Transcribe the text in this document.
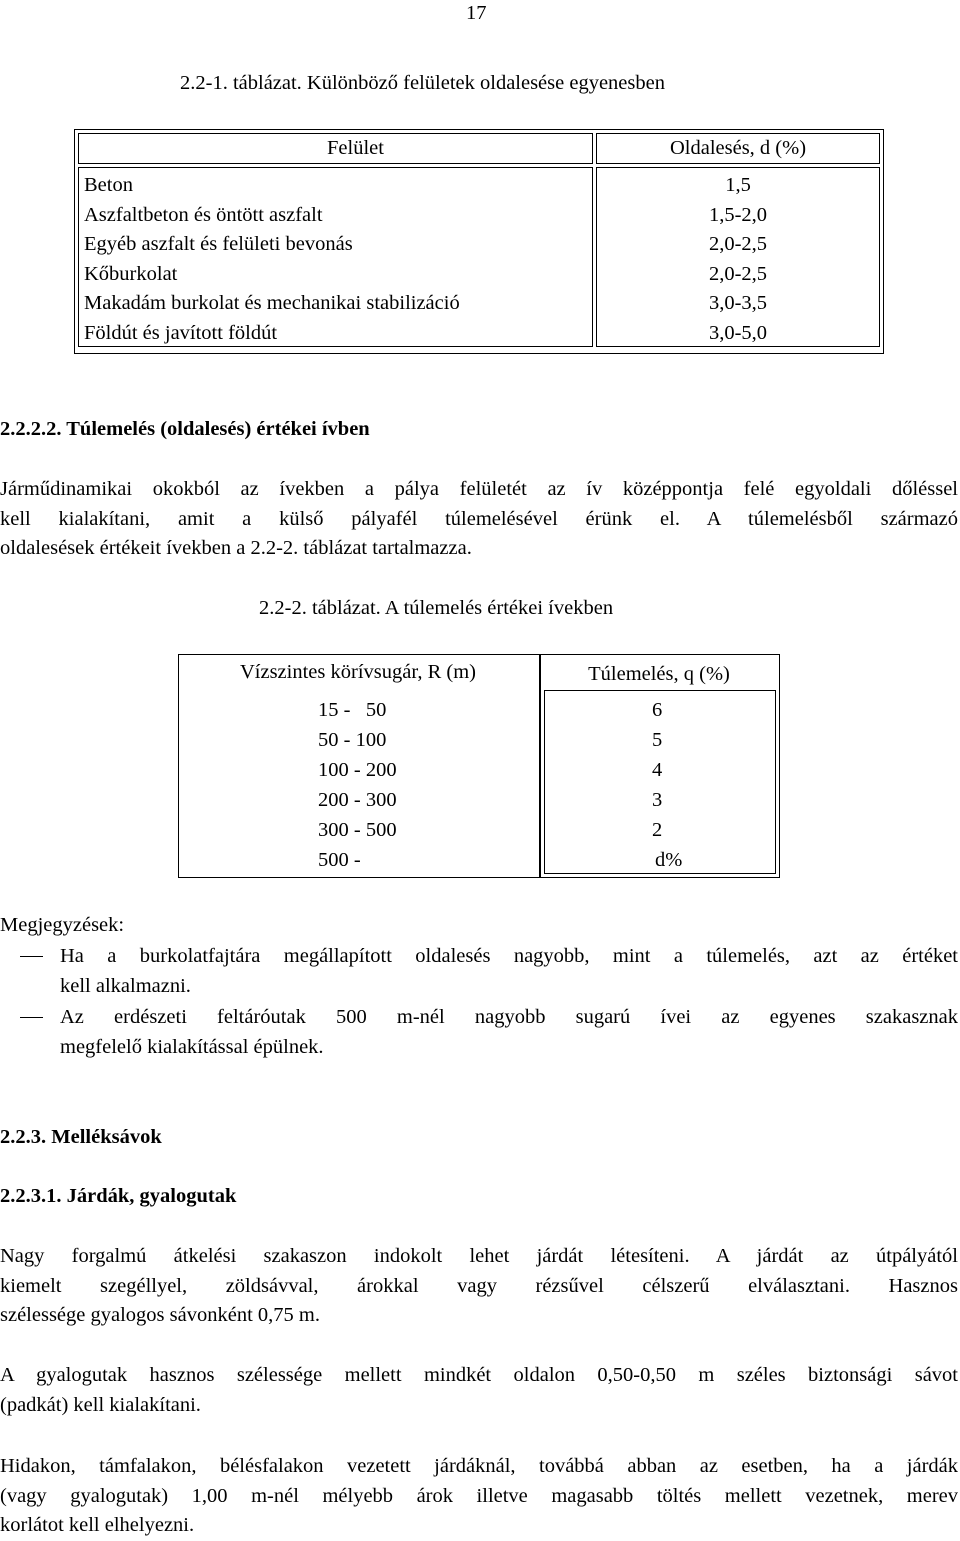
17
2.2-1. táblázat. Különböző felületek oldalesése egyenesben
Felület	Oldalesés, d (%)
Beton
Aszfaltbeton és öntött aszfalt
Egyéb aszfalt és felületi bevonás
Kőburkolat
Makadám burkolat és mechanikai stabilizáció
Földút és javított földút
1,5
1,5-2,0
2,0-2,5
2,0-2,5
3,0-3,5
3,0-5,0
2.2.2.2. Túlemelés (oldalesés) értékei ívben
Járműdinamikai okokból az ívekben a pálya felületét az ív középpontja felé egyoldali dőléssel
kell kialakítani, amit a külső pályafél túlemelésével érünk el. A túlemelésből származó
oldalesések értékeit ívekben a 2.2-2. táblázat tartalmazza.
2.2-2. táblázat. A túlemelés értékei ívekben
Vízszintes körívsugár, R (m)	Túlemelés, q (%)
15 -   50
50 - 100
100 - 200
200 - 300
300 - 500
500 -
6
5
4
3
2
d%
Megjegyzések:
Ha a burkolatfajtára megállapított oldalesés nagyobb, mint a túlemelés, azt az értéket
kell alkalmazni.
Az erdészeti feltáróutak 500 m-nél nagyobb sugarú ívei az egyenes szakasznak
megfelelő kialakítással épülnek.
2.2.3. Melléksávok
2.2.3.1. Járdák, gyalogutak
Nagy forgalmú átkelési szakaszon indokolt lehet járdát létesíteni. A járdát az útpályától
kiemelt szegéllyel, zöldsávval, árokkal vagy rézsűvel célszerű elválasztani. Hasznos
szélessége gyalogos sávonként 0,75 m.
A gyalogutak hasznos szélessége mellett mindkét oldalon 0,50-0,50 m széles biztonsági sávot
(padkát) kell kialakítani.
Hidakon, támfalakon, bélésfalakon vezetett járdáknál, továbbá abban az esetben, ha a járdák
(vagy gyalogutak) 1,00 m-nél mélyebb árok illetve magasabb töltés mellett vezetnek, merev
korlátot kell elhelyezni.
